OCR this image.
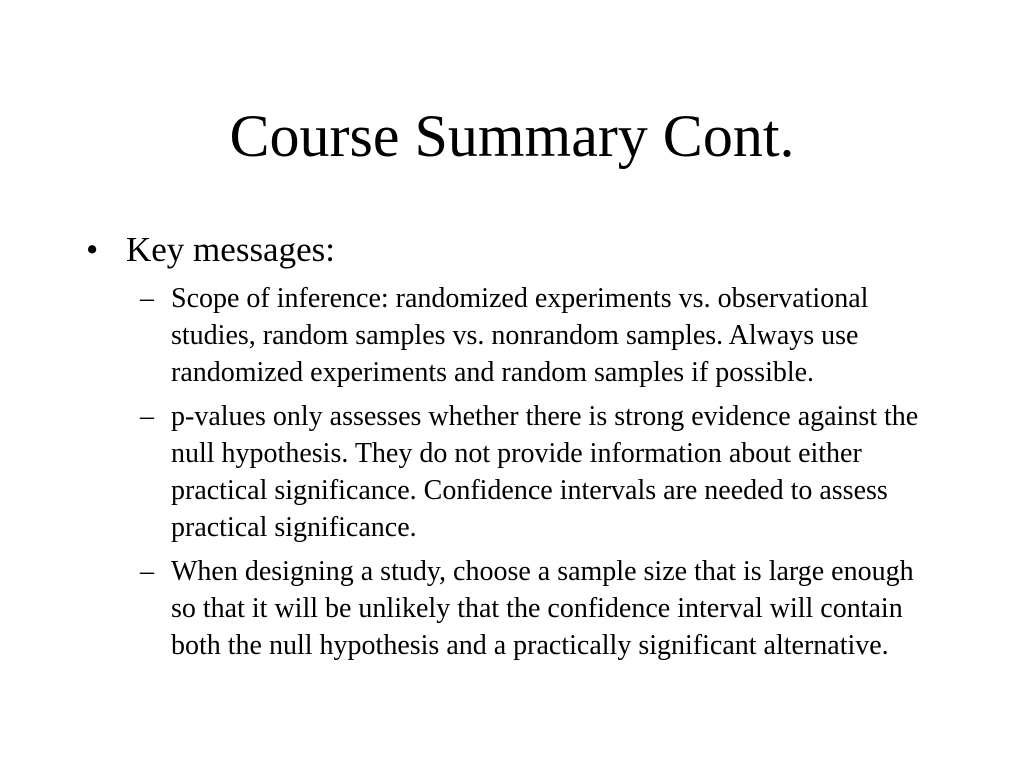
Course Summary Cont.
• Key messages:
– Scope of inference: randomized experiments vs. observational studies, random samples vs. nonrandom samples. Always use randomized experiments and random samples if possible.
– p-values only assesses whether there is strong evidence against the null hypothesis. They do not provide information about either practical significance. Confidence intervals are needed to assess practical significance.
– When designing a study, choose a sample size that is large enough so that it will be unlikely that the confidence interval will contain both the null hypothesis and a practically significant alternative.
